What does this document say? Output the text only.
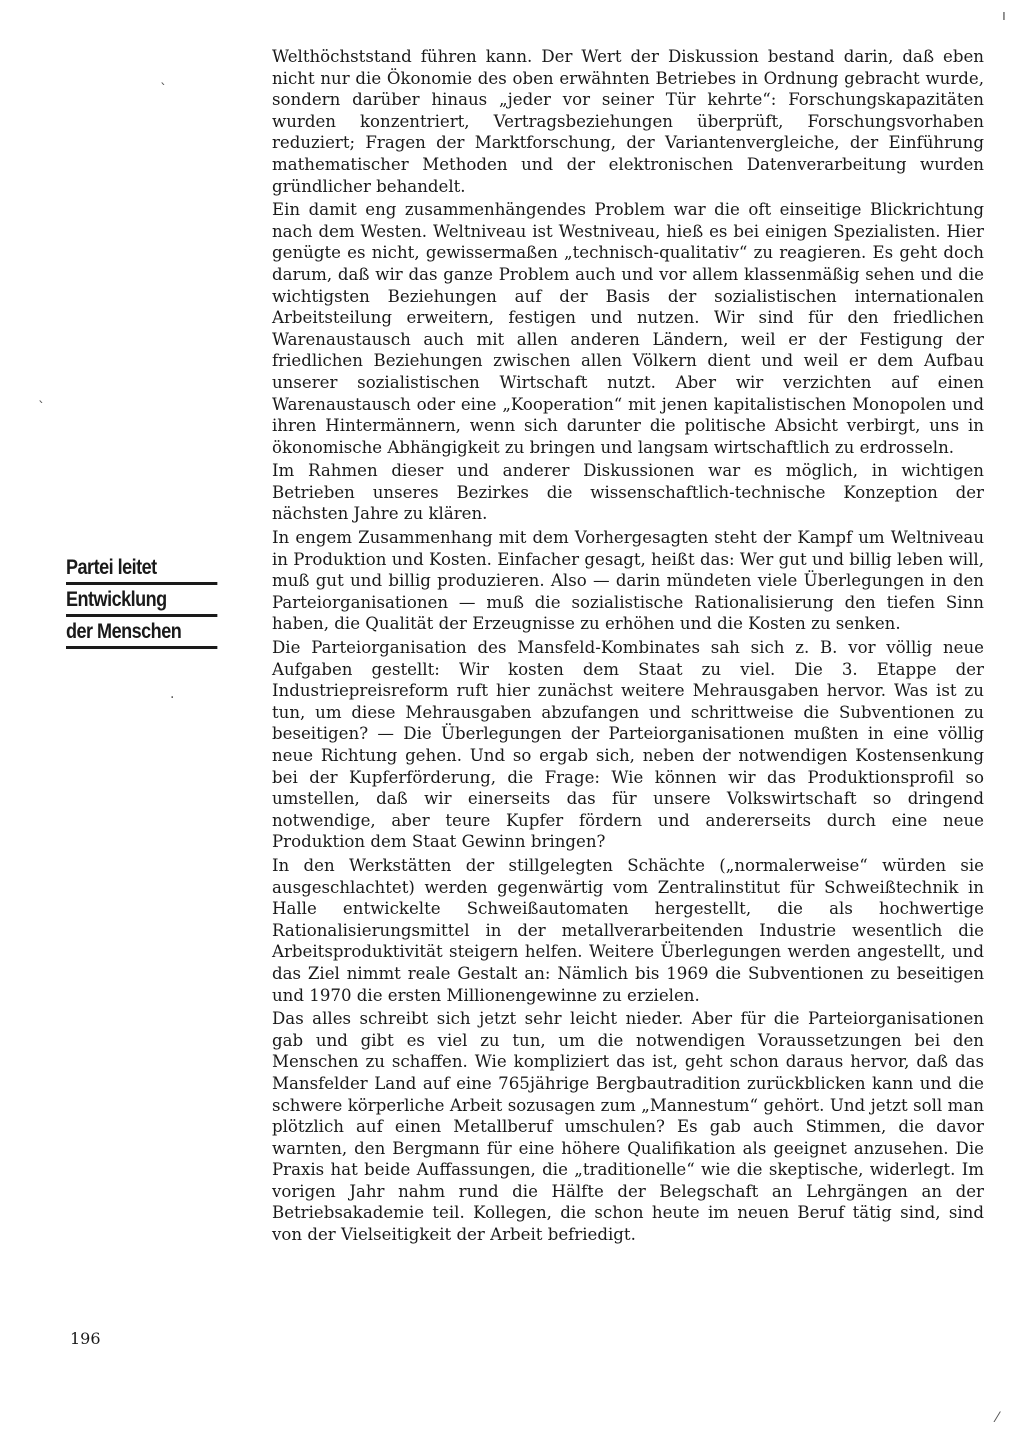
Welthöchststand führen kann. Der Wert der Diskussion bestand darin, daß eben nicht nur die Ökonomie des oben erwähnten Betriebes in Ordnung gebracht wurde, sondern darüber hinaus „jeder vor seiner Tür kehrte“: Forschungskapazitäten wurden konzentriert, Vertragsbeziehungen überprüft, Forschungsvorhaben reduziert; Fragen der Marktforschung, der Variantenvergleiche, der Einführung mathematischer Methoden und der elektronischen Datenverarbeitung wurden gründlicher behandelt.

Ein damit eng zusammenhängendes Problem war die oft einseitige Blickrichtung nach dem Westen. Weltniveau ist Westniveau, hieß es bei einigen Spezialisten. Hier genügte es nicht, gewissermaßen „technisch-qualitativ“ zu reagieren. Es geht doch darum, daß wir das ganze Problem auch und vor allem klassenmäßig sehen und die wichtigsten Beziehungen auf der Basis der sozialistischen internationalen Arbeitsteilung erweitern, festigen und nutzen. Wir sind für den friedlichen Warenaustausch auch mit allen anderen Ländern, weil er der Festigung der friedlichen Beziehungen zwischen allen Völkern dient und weil er dem Aufbau unserer sozialistischen Wirtschaft nutzt. Aber wir verzichten auf einen Warenaustausch oder eine „Kooperation“ mit jenen kapitalistischen Monopolen und ihren Hintermännern, wenn sich darunter die politische Absicht verbirgt, uns in ökonomische Abhängigkeit zu bringen und langsam wirtschaftlich zu erdrosseln.

Im Rahmen dieser und anderer Diskussionen war es möglich, in wichtigen Betrieben unseres Bezirkes die wissenschaftlich-technische Konzeption der nächsten Jahre zu klären.

In engem Zusammenhang mit dem Vorhergesagten steht der Kampf um Weltniveau in Produktion und Kosten. Einfacher gesagt, heißt das: Wer gut und billig leben will, muß gut und billig produzieren. Also — darin mündeten viele Überlegungen in den Parteiorganisationen — muß die sozialistische Rationalisierung den tiefen Sinn haben, die Qualität der Erzeugnisse zu erhöhen und die Kosten zu senken.

Die Parteiorganisation des Mansfeld-Kombinates sah sich z. B. vor völlig neue Aufgaben gestellt: Wir kosten dem Staat zu viel. Die 3. Etappe der Industriepreisreform ruft hier zunächst weitere Mehrausgaben hervor. Was ist zu tun, um diese Mehrausgaben abzufangen und schrittweise die Subventionen zu beseitigen? — Die Überlegungen der Parteiorganisationen mußten in eine völlig neue Richtung gehen. Und so ergab sich, neben der notwendigen Kostensenkung bei der Kupferförderung, die Frage: Wie können wir das Produktionsprofil so umstellen, daß wir einerseits das für unsere Volkswirtschaft so dringend notwendige, aber teure Kupfer fördern und andererseits durch eine neue Produktion dem Staat Gewinn bringen?

In den Werkstätten der stillgelegten Schächte („normalerweise“ würden sie ausgeschlachtet) werden gegenwärtig vom Zentralinstitut für Schweißtechnik in Halle entwickelte Schweißautomaten hergestellt, die als hochwertige Rationalisierungsmittel in der metallverarbeitenden Industrie wesentlich die Arbeitsproduktivität steigern helfen. Weitere Überlegungen werden angestellt, und das Ziel nimmt reale Gestalt an: Nämlich bis 1969 die Subventionen zu beseitigen und 1970 die ersten Millionengewinne zu erzielen.

Das alles schreibt sich jetzt sehr leicht nieder. Aber für die Parteiorganisationen gab und gibt es viel zu tun, um die notwendigen Voraussetzungen bei den Menschen zu schaffen. Wie kompliziert das ist, geht schon daraus hervor, daß das Mansfelder Land auf eine 765jährige Bergbautradition zurückblicken kann und die schwere körperliche Arbeit sozusagen zum „Mannestum“ gehört. Und jetzt soll man plötzlich auf einen Metallberuf umschulen? Es gab auch Stimmen, die davor warnten, den Bergmann für eine höhere Qualifikation als geeignet anzusehen. Die Praxis hat beide Auffassungen, die „traditionelle“ wie die skeptische, widerlegt. Im vorigen Jahr nahm rund die Hälfte der Belegschaft an Lehrgängen an der Betriebsakademie teil. Kollegen, die schon heute im neuen Beruf tätig sind, sind von der Vielseitigkeit der Arbeit befriedigt.

Partei leitet
Entwicklung
der Menschen
196
ˋ
ˋ
·
ı
⁄
